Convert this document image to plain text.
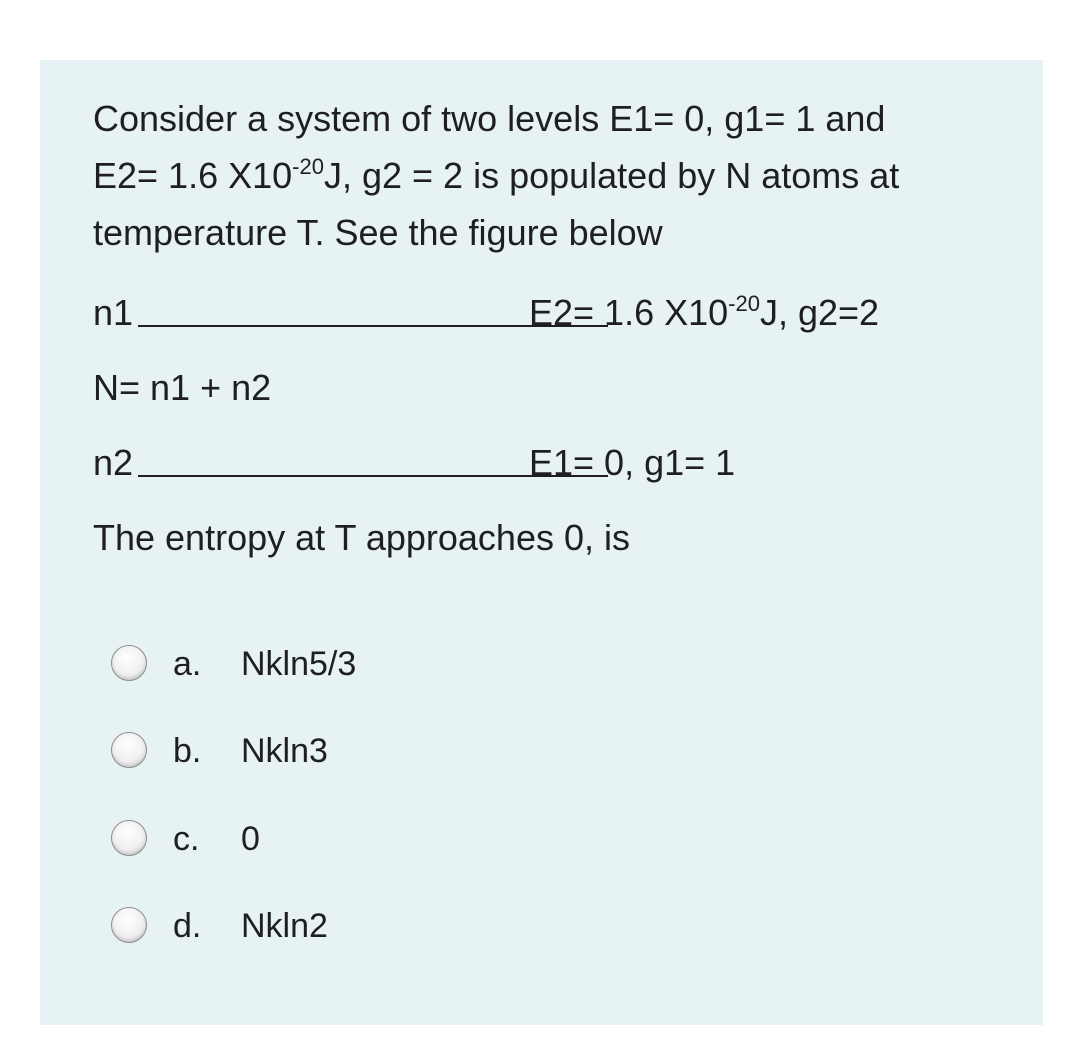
Consider a system of two levels E1= 0, g1= 1 and
E2= 1.6 $X10^{-20}J$, g2 = 2 is populated by N atoms at
temperature T. See the figure below
n1	E2= 1.6 $X10^{-20}J$, g2=2
N= n1 + n2
n2	E1= 0, g1= 1
The entropy at T approaches 0, is
a. Nkln5/3
b. Nkln3
c. 0
d. Nkln2
